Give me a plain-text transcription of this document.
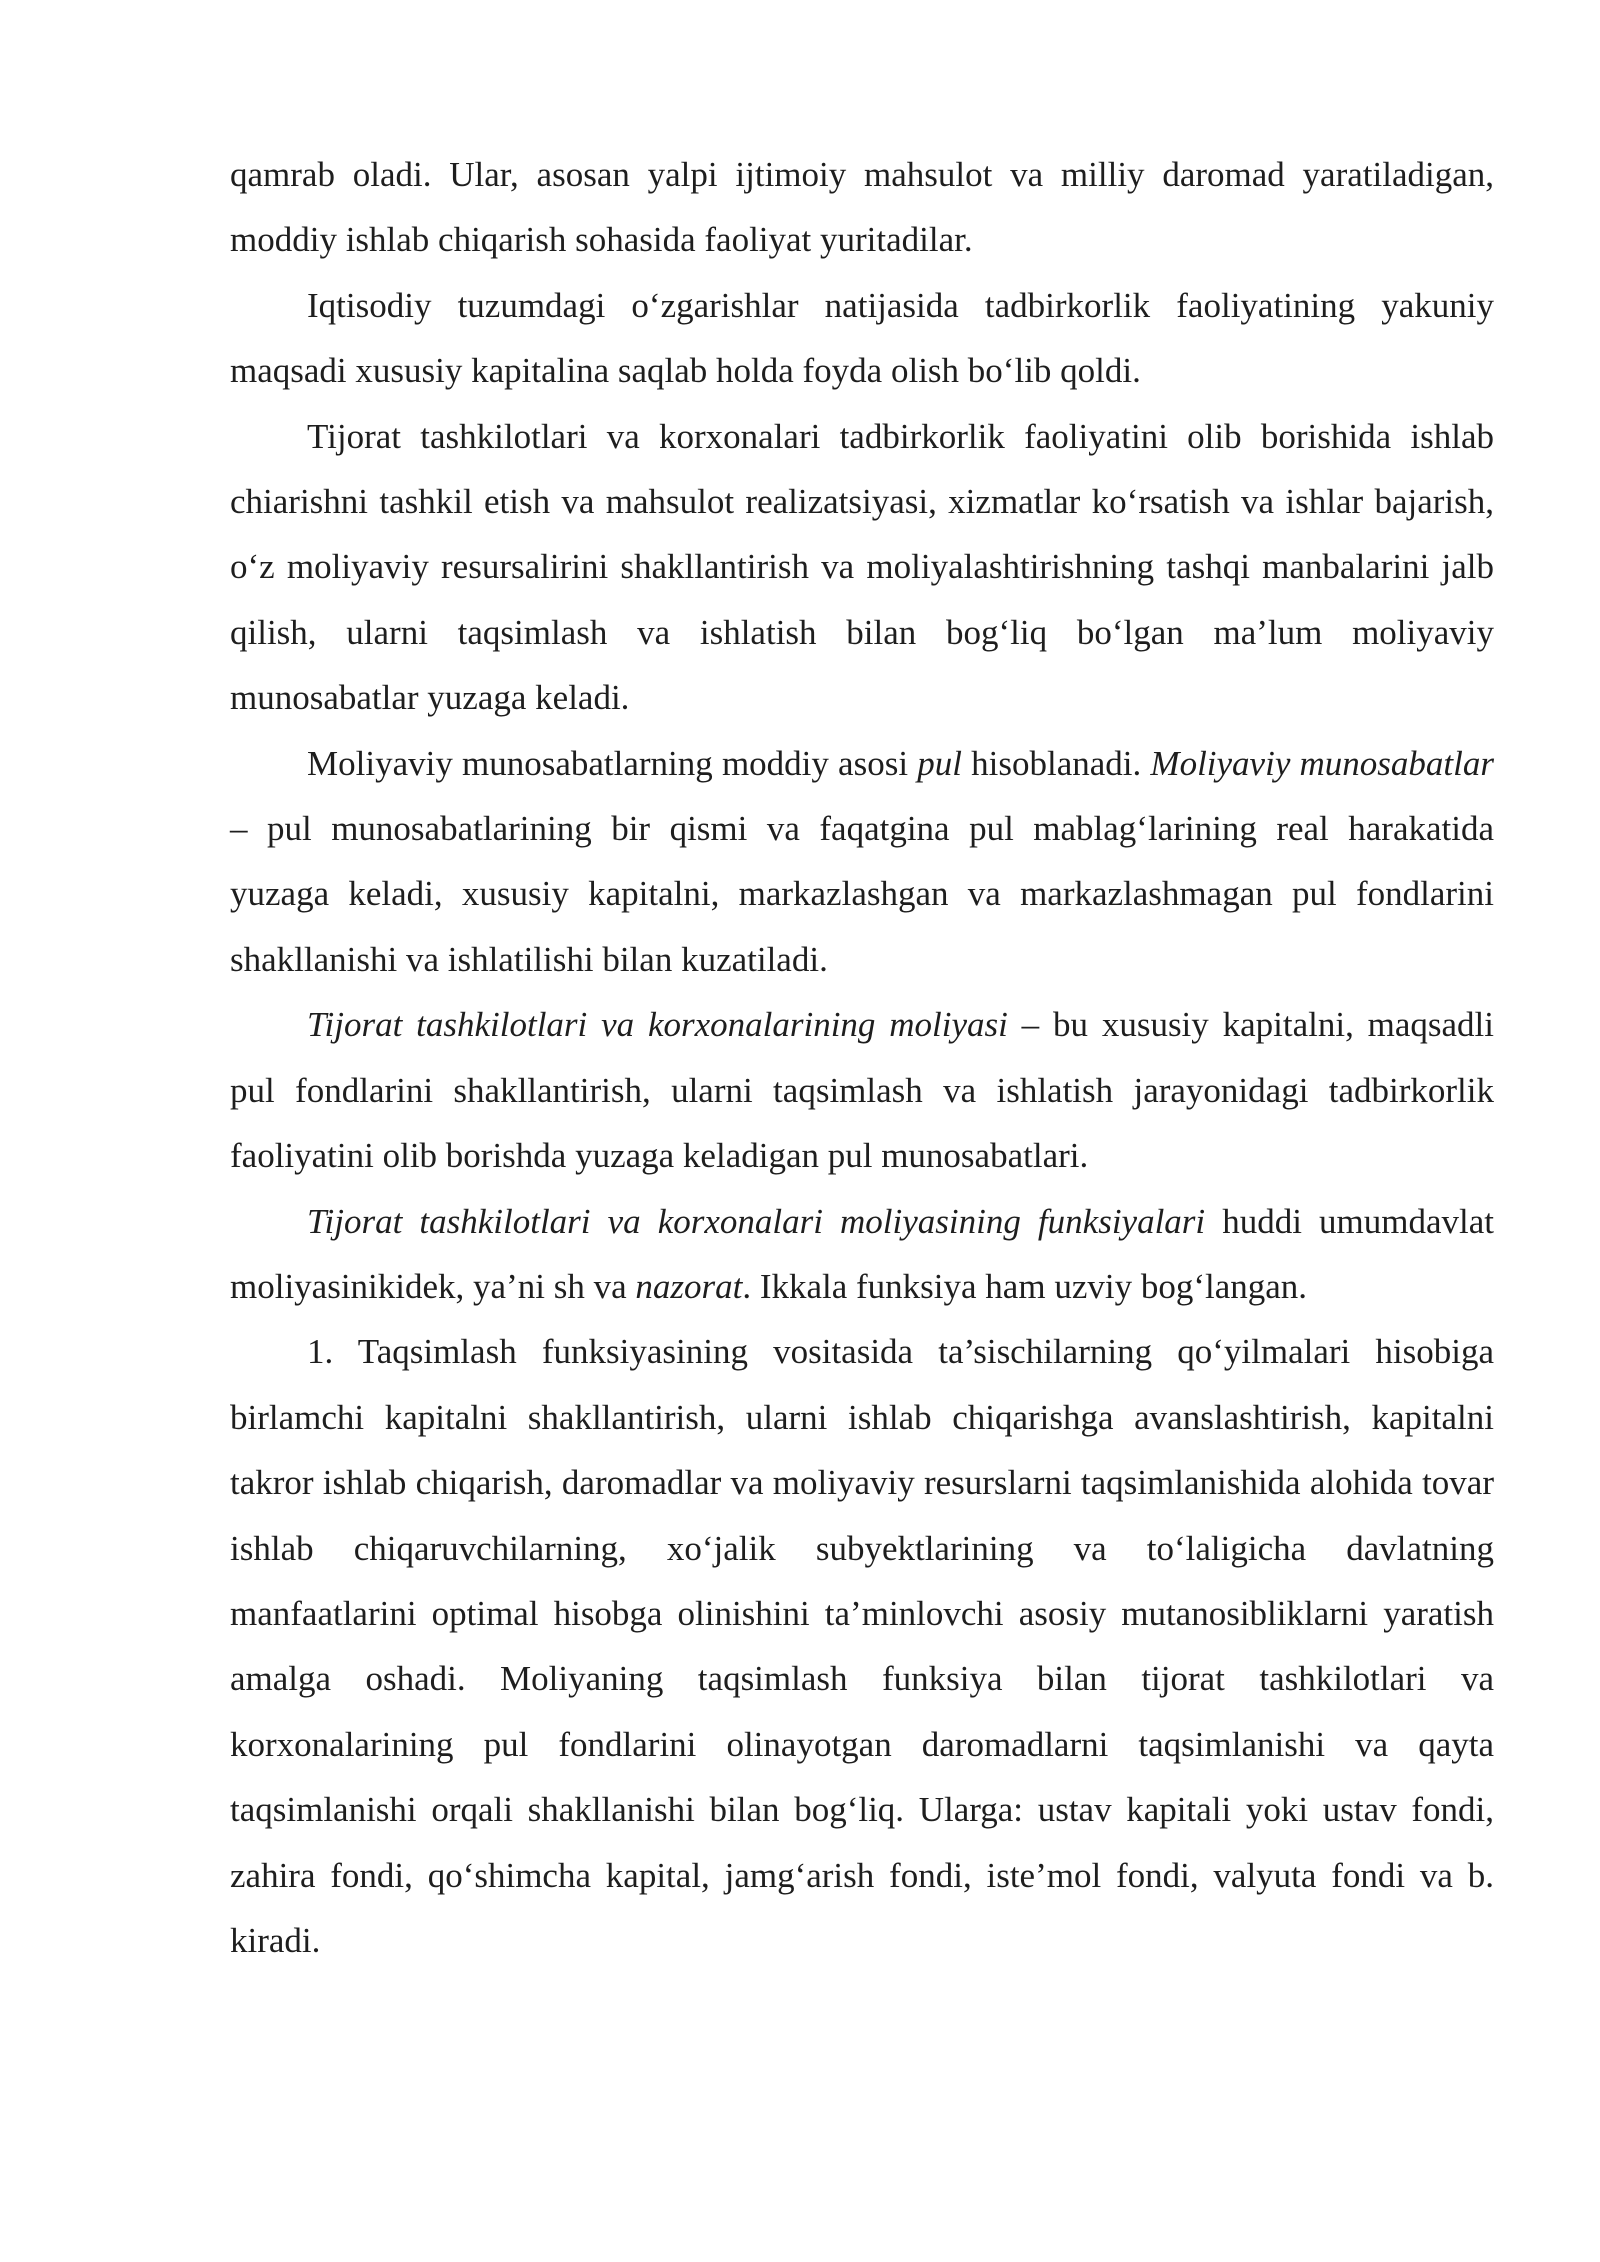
qamrab oladi. Ular, asosan yalpi ijtimoiy mahsulot va milliy daromad yaratiladigan, moddiy ishlab chiqarish sohasida faoliyat yuritadilar.

Iqtisodiy tuzumdagi o‘zgarishlar natijasida tadbirkorlik faoliyatining yakuniy maqsadi xususiy kapitalina saqlab holda foyda olish bo‘lib qoldi.

Tijorat tashkilotlari va korxonalari tadbirkorlik faoliyatini olib borishida ishlab chiarishni tashkil etish va mahsulot realizatsiyasi, xizmatlar ko‘rsatish va ishlar bajarish, o‘z moliyaviy resursalirini shakllantirish va moliyalashtirishning tashqi manbalarini jalb qilish, ularni taqsimlash va ishlatish bilan bog‘liq bo‘lgan ma’lum moliyaviy munosabatlar yuzaga keladi.

Moliyaviy munosabatlarning moddiy asosi pul hisoblanadi. Moliyaviy munosabatlar – pul munosabatlarining bir qismi va faqatgina pul mablag‘larining real harakatida yuzaga keladi, xususiy kapitalni, markazlashgan va markazlashmagan pul fondlarini shakllanishi va ishlatilishi bilan kuzatiladi.

Tijorat tashkilotlari va korxonalarining moliyasi – bu xususiy kapitalni, maqsadli pul fondlarini shakllantirish, ularni taqsimlash va ishlatish jarayonidagi tadbirkorlik faoliyatini olib borishda yuzaga keladigan pul munosabatlari.

Tijorat tashkilotlari va korxonalari moliyasining funksiyalari huddi umumdavlat moliyasinikidek, ya’ni sh va nazorat. Ikkala funksiya ham uzviy bog‘langan.

1. Taqsimlash funksiyasining vositasida ta’sischilarning qo‘yilmalari hisobiga birlamchi kapitalni shakllantirish, ularni ishlab chiqarishga avanslashtirish, kapitalni takror ishlab chiqarish, daromadlar va moliyaviy resurslarni taqsimlanishida alohida tovar ishlab chiqaruvchilarning, xo‘jalik subyektlarining va to‘laligicha davlatning manfaatlarini optimal hisobga olinishini ta’minlovchi asosiy mutanosibliklarni yaratish amalga oshadi. Moliyaning taqsimlash funksiya bilan tijorat tashkilotlari va korxonalarining pul fondlarini olinayotgan daromadlarni taqsimlanishi va qayta taqsimlanishi orqali shakllanishi bilan bog‘liq. Ularga: ustav kapitali yoki ustav fondi, zahira fondi, qo‘shimcha kapital, jamg‘arish fondi, iste’mol fondi, valyuta fondi va b. kiradi.
